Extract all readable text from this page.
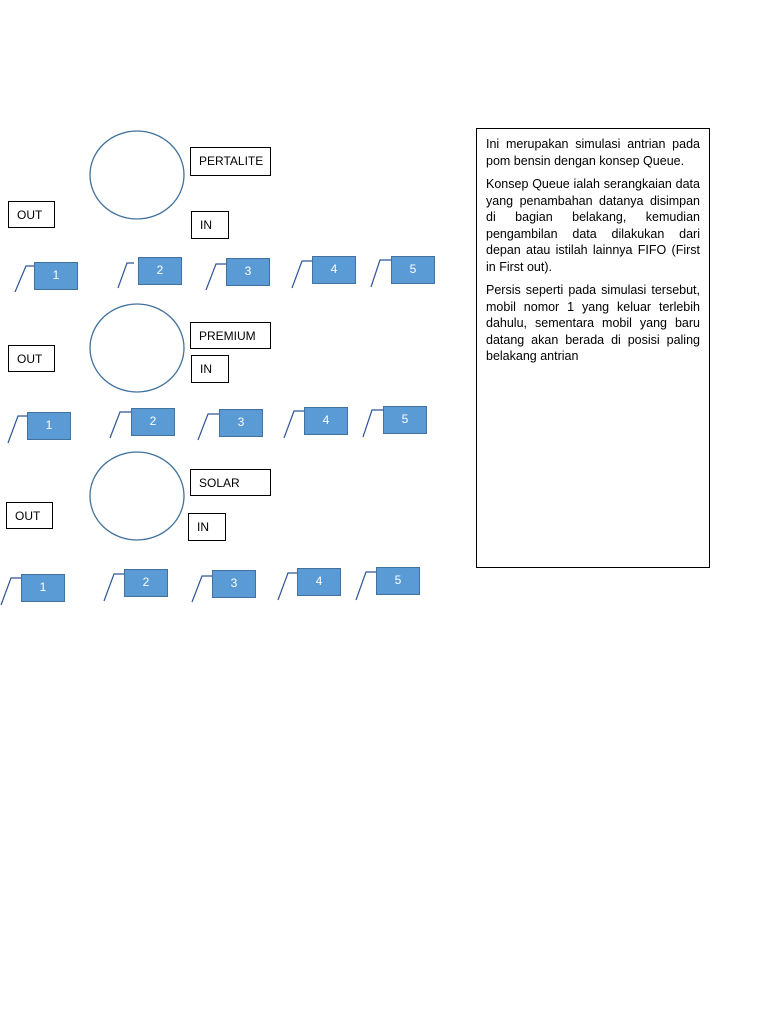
PERTALITE
OUT
IN
1	2	3	4	5
PREMIUM
OUT
IN
1	2	3	4	5
SOLAR
OUT
IN
1	2	3	4	5

Ini merupakan simulasi antrian pada pom bensin dengan konsep Queue.

Konsep Queue ialah serangkaian data yang penambahan datanya disimpan di bagian belakang, kemudian pengambilan data dilakukan dari depan atau istilah lainnya FIFO (First in First out).

Persis seperti pada simulasi tersebut, mobil nomor 1 yang keluar terlebih dahulu, sementara mobil yang baru datang akan berada di posisi paling belakang antrian
